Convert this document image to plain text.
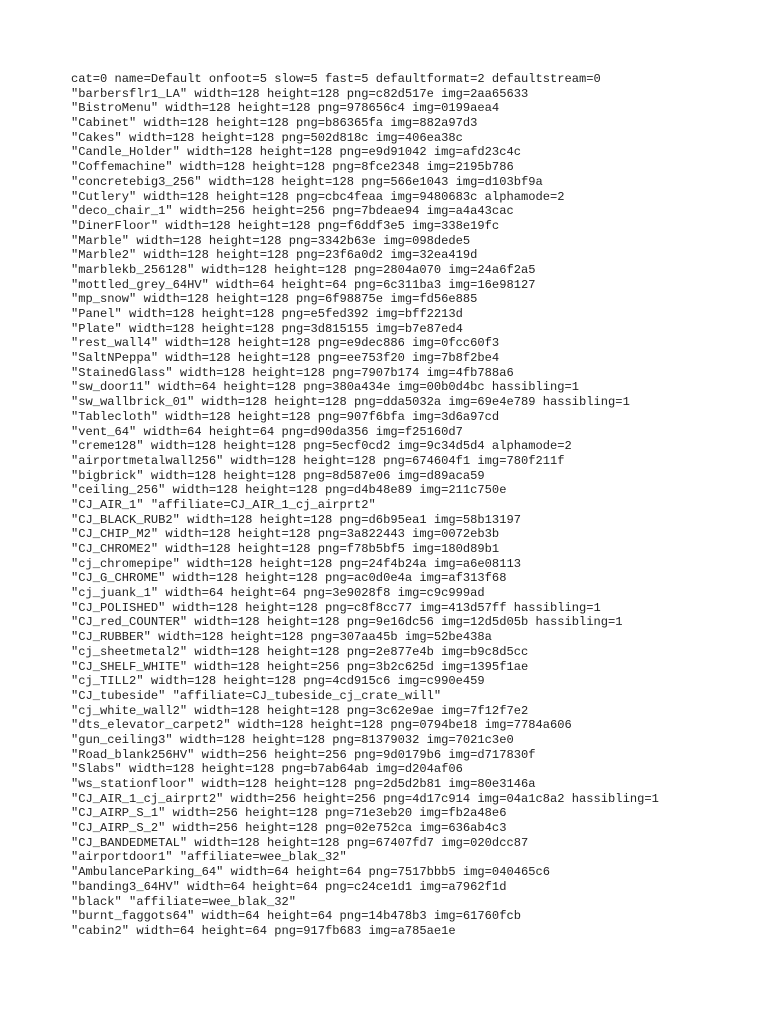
cat=0 name=Default onfoot=5 slow=5 fast=5 defaultformat=2 defaultstream=0
"barbersflr1_LA" width=128 height=128 png=c82d517e img=2aa65633
"BistroMenu" width=128 height=128 png=978656c4 img=0199aea4
"Cabinet" width=128 height=128 png=b86365fa img=882a97d3
"Cakes" width=128 height=128 png=502d818c img=406ea38c
"Candle_Holder" width=128 height=128 png=e9d91042 img=afd23c4c
"Coffemachine" width=128 height=128 png=8fce2348 img=2195b786
"concretebig3_256" width=128 height=128 png=566e1043 img=d103bf9a
"Cutlery" width=128 height=128 png=cbc4feaa img=9480683c alphamode=2
"deco_chair_1" width=256 height=256 png=7bdeae94 img=a4a43cac
"DinerFloor" width=128 height=128 png=f6ddf3e5 img=338e19fc
"Marble" width=128 height=128 png=3342b63e img=098dede5
"Marble2" width=128 height=128 png=23f6a0d2 img=32ea419d
"marblekb_256128" width=128 height=128 png=2804a070 img=24a6f2a5
"mottled_grey_64HV" width=64 height=64 png=6c311ba3 img=16e98127
"mp_snow" width=128 height=128 png=6f98875e img=fd56e885
"Panel" width=128 height=128 png=e5fed392 img=bff2213d
"Plate" width=128 height=128 png=3d815155 img=b7e87ed4
"rest_wall4" width=128 height=128 png=e9dec886 img=0fcc60f3
"SaltNPeppa" width=128 height=128 png=ee753f20 img=7b8f2be4
"StainedGlass" width=128 height=128 png=7907b174 img=4fb788a6
"sw_door11" width=64 height=128 png=380a434e img=00b0d4bc hassibling=1
"sw_wallbrick_01" width=128 height=128 png=dda5032a img=69e4e789 hassibling=1
"Tablecloth" width=128 height=128 png=907f6bfa img=3d6a97cd
"vent_64" width=64 height=64 png=d90da356 img=f25160d7
"creme128" width=128 height=128 png=5ecf0cd2 img=9c34d5d4 alphamode=2
"airportmetalwall256" width=128 height=128 png=674604f1 img=780f211f
"bigbrick" width=128 height=128 png=8d587e06 img=d89aca59
"ceiling_256" width=128 height=128 png=d4b48e89 img=211c750e
"CJ_AIR_1" "affiliate=CJ_AIR_1_cj_airprt2"
"CJ_BLACK_RUB2" width=128 height=128 png=d6b95ea1 img=58b13197
"CJ_CHIP_M2" width=128 height=128 png=3a822443 img=0072eb3b
"CJ_CHROME2" width=128 height=128 png=f78b5bf5 img=180d89b1
"cj_chromepipe" width=128 height=128 png=24f4b24a img=a6e08113
"CJ_G_CHROME" width=128 height=128 png=ac0d0e4a img=af313f68
"cj_juank_1" width=64 height=64 png=3e9028f8 img=c9c999ad
"CJ_POLISHED" width=128 height=128 png=c8f8cc77 img=413d57ff hassibling=1
"CJ_red_COUNTER" width=128 height=128 png=9e16dc56 img=12d5d05b hassibling=1
"CJ_RUBBER" width=128 height=128 png=307aa45b img=52be438a
"cj_sheetmetal2" width=128 height=128 png=2e877e4b img=b9c8d5cc
"CJ_SHELF_WHITE" width=128 height=256 png=3b2c625d img=1395f1ae
"cj_TILL2" width=128 height=128 png=4cd915c6 img=c990e459
"CJ_tubeside" "affiliate=CJ_tubeside_cj_crate_will"
"cj_white_wall2" width=128 height=128 png=3c62e9ae img=7f12f7e2
"dts_elevator_carpet2" width=128 height=128 png=0794be18 img=7784a606
"gun_ceiling3" width=128 height=128 png=81379032 img=7021c3e0
"Road_blank256HV" width=256 height=256 png=9d0179b6 img=d717830f
"Slabs" width=128 height=128 png=b7ab64ab img=d204af06
"ws_stationfloor" width=128 height=128 png=2d5d2b81 img=80e3146a
"CJ_AIR_1_cj_airprt2" width=256 height=256 png=4d17c914 img=04a1c8a2 hassibling=1
"CJ_AIRP_S_1" width=256 height=128 png=71e3eb20 img=fb2a48e6
"CJ_AIRP_S_2" width=256 height=128 png=02e752ca img=636ab4c3
"CJ_BANDEDMETAL" width=128 height=128 png=67407fd7 img=020dcc87
"airportdoor1" "affiliate=wee_blak_32"
"AmbulanceParking_64" width=64 height=64 png=7517bbb5 img=040465c6
"banding3_64HV" width=64 height=64 png=c24ce1d1 img=a7962f1d
"black" "affiliate=wee_blak_32"
"burnt_faggots64" width=64 height=64 png=14b478b3 img=61760fcb
"cabin2" width=64 height=64 png=917fb683 img=a785ae1e
